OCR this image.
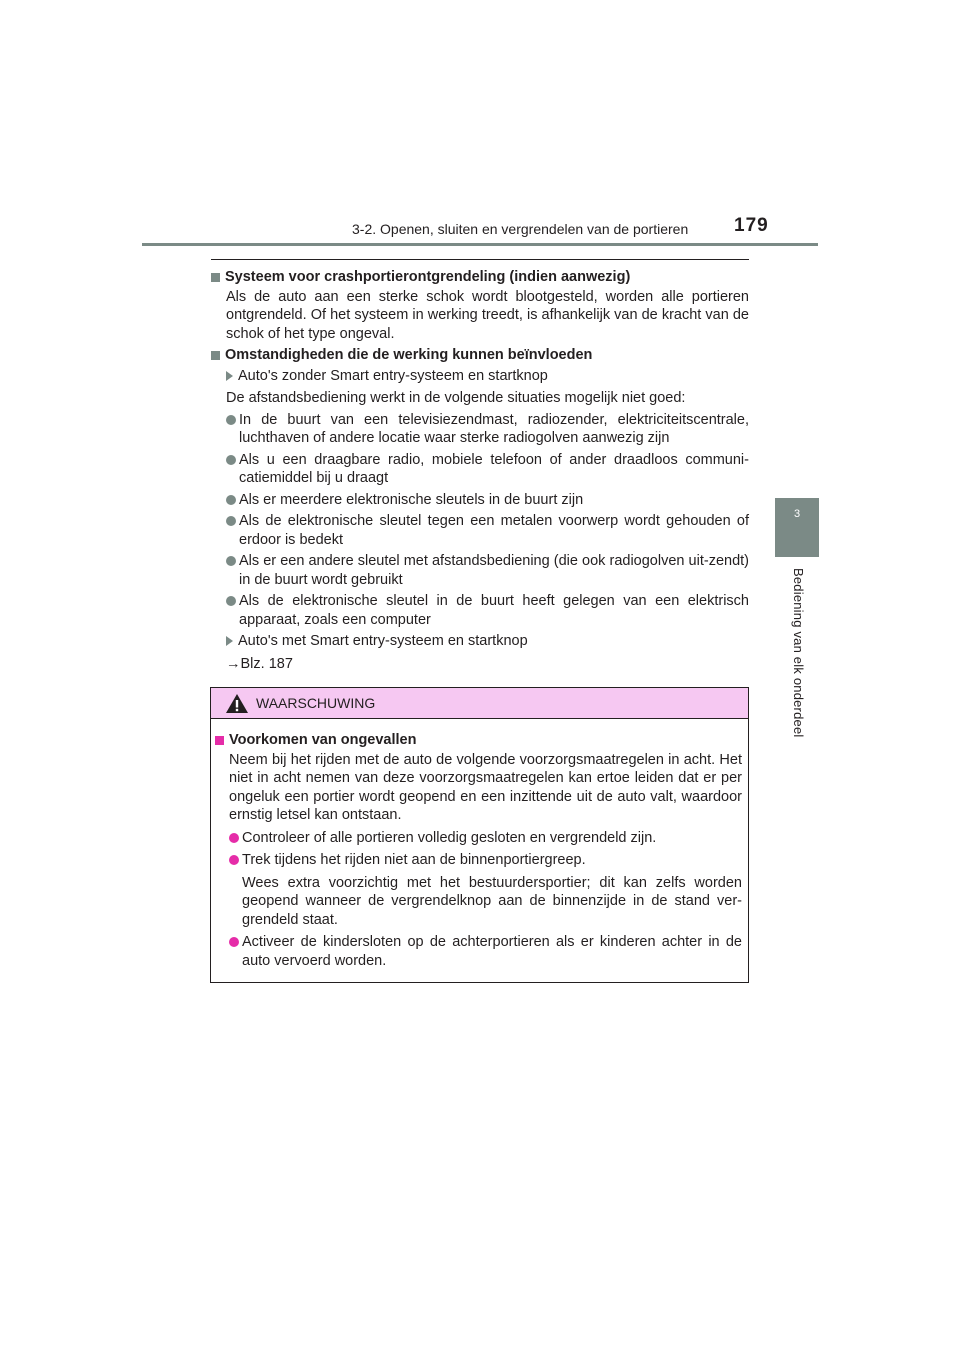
3-2. Openen, sluiten en vergrendelen van de portieren 179
3
Bediening van elk onderdeel
Systeem voor crashportierontgrendeling (indien aanwezig)
Als de auto aan een sterke schok wordt blootgesteld, worden alle portieren ontgrendeld. Of het systeem in werking treedt, is afhankelijk van de kracht van de schok of het type ongeval.
Omstandigheden die de werking kunnen beïnvloeden
Auto's zonder Smart entry-systeem en startknop
De afstandsbediening werkt in de volgende situaties mogelijk niet goed:
In de buurt van een televisiezendmast, radiozender, elektriciteitscentrale, luchthaven of andere locatie waar sterke radiogolven aanwezig zijn
Als u een draagbare radio, mobiele telefoon of ander draadloos communi-catiemiddel bij u draagt
Als er meerdere elektronische sleutels in de buurt zijn
Als de elektronische sleutel tegen een metalen voorwerp wordt gehouden of erdoor is bedekt
Als er een andere sleutel met afstandsbediening (die ook radiogolven uit-zendt) in de buurt wordt gebruikt
Als de elektronische sleutel in de buurt heeft gelegen van een elektrisch apparaat, zoals een computer
Auto's met Smart entry-systeem en startknop
→Blz. 187
WAARSCHUWING
Voorkomen van ongevallen
Neem bij het rijden met de auto de volgende voorzorgsmaatregelen in acht. Het niet in acht nemen van deze voorzorgsmaatregelen kan ertoe leiden dat er per ongeluk een portier wordt geopend en een inzittende uit de auto valt, waardoor ernstig letsel kan ontstaan.
Controleer of alle portieren volledig gesloten en vergrendeld zijn.
Trek tijdens het rijden niet aan de binnenportiergreep.
Wees extra voorzichtig met het bestuurdersportier; dit kan zelfs worden geopend wanneer de vergrendelknop aan de binnenzijde in de stand ver-grendeld staat.
Activeer de kindersloten op de achterportieren als er kinderen achter in de auto vervoerd worden.
